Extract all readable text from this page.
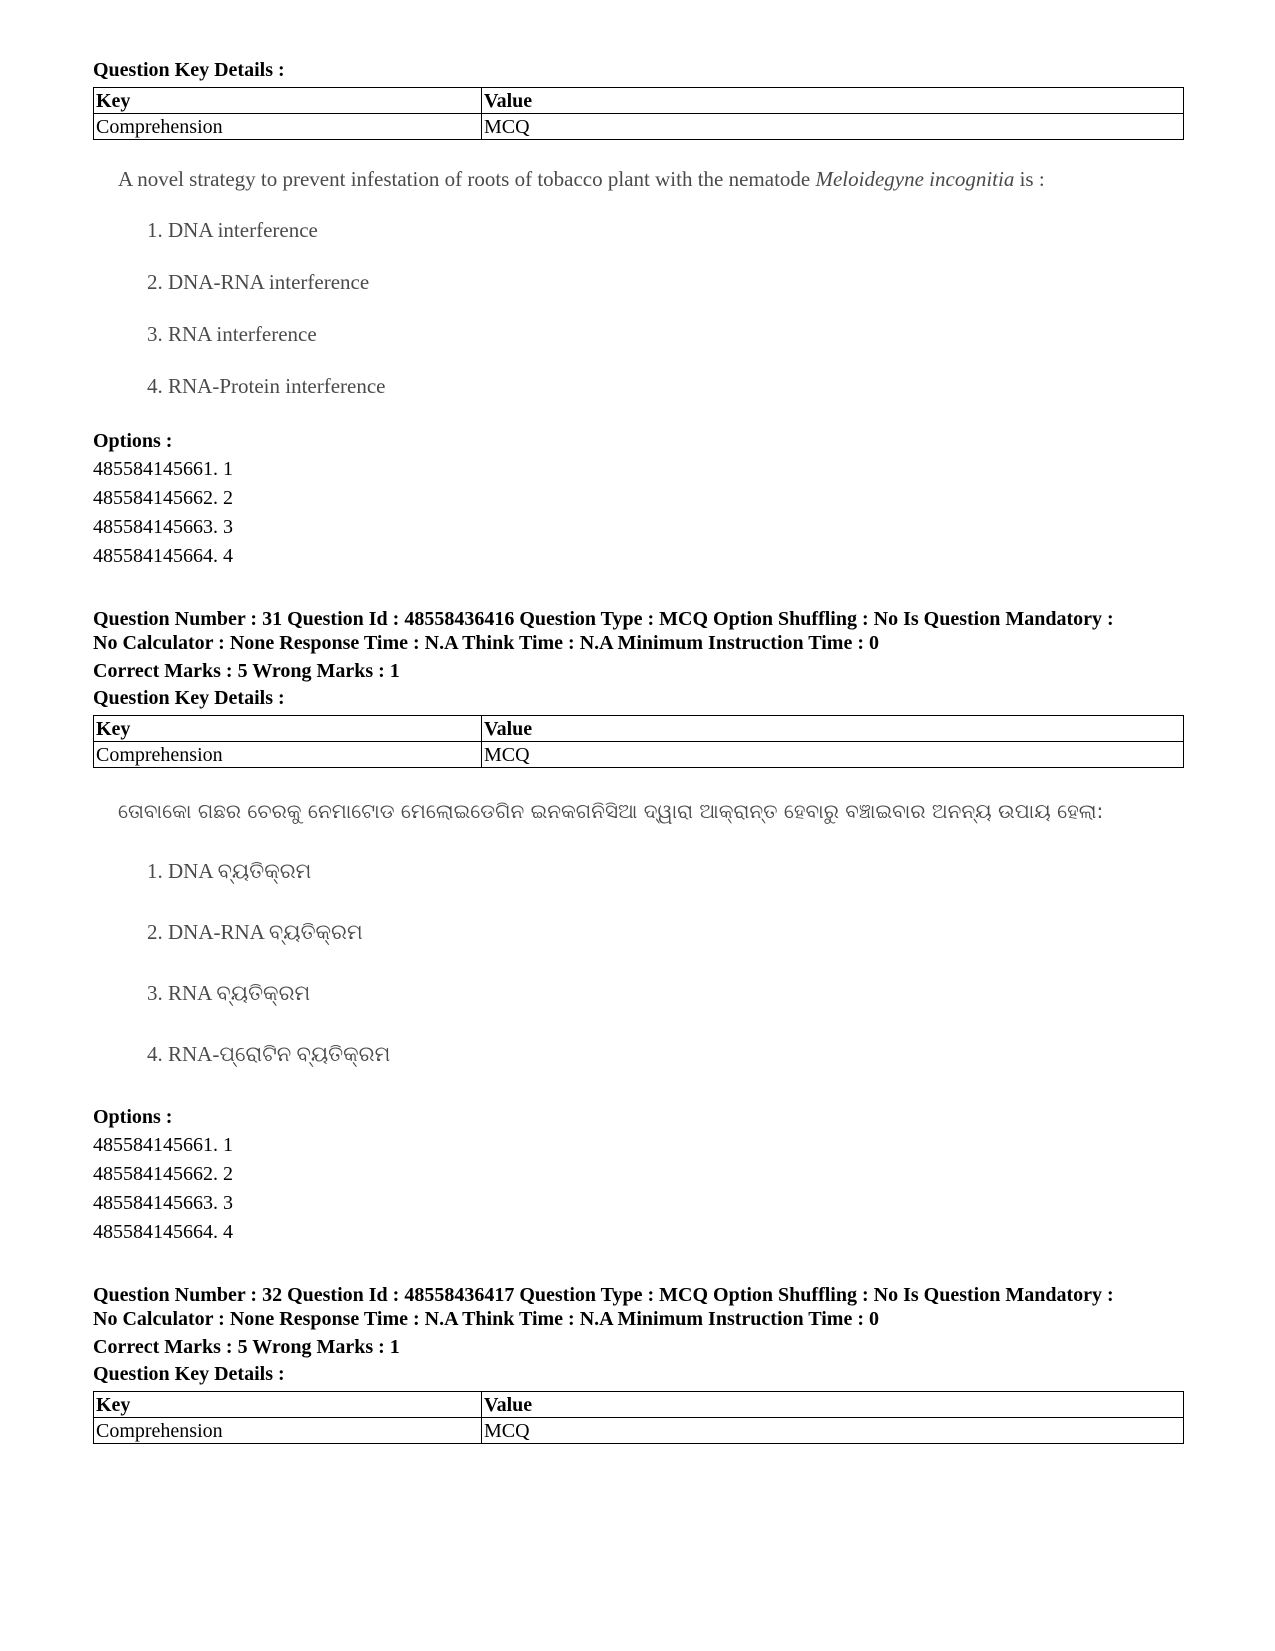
Question Key Details :
Key	Value
Comprehension	MCQ
A novel strategy to prevent infestation of roots of tobacco plant with the nematode Meloidegyne incognitia is :
1. DNA interference
2. DNA-RNA interference
3. RNA interference
4. RNA-Protein interference
Options :
485584145661. 1
485584145662. 2
485584145663. 3
485584145664. 4
Question Number : 31 Question Id : 48558436416 Question Type : MCQ Option Shuffling : No Is Question Mandatory :
No Calculator : None Response Time : N.A Think Time : N.A Minimum Instruction Time : 0
Correct Marks : 5 Wrong Marks : 1
Question Key Details :
Key	Value
Comprehension	MCQ
ତୋବାକୋ ଗଛର ଚେରକୁ ନେମାଟୋଡ ମେଲୋଇଡେଗିନ ଇନକଗନିସିଆ ଦ୍ୱାରା ଆକ୍ରାନ୍ତ ହେବାରୁ ବଞ୍ଚାଇବାର ଅନନ୍ୟ ଉପାୟ ହେଲା:
1. DNA ବ୍ୟତିକ୍ରମ
2. DNA-RNA ବ୍ୟତିକ୍ରମ
3. RNA ବ୍ୟତିକ୍ରମ
4. RNA-ପ୍ରୋଟିନ ବ୍ୟତିକ୍ରମ
Options :
485584145661. 1
485584145662. 2
485584145663. 3
485584145664. 4
Question Number : 32 Question Id : 48558436417 Question Type : MCQ Option Shuffling : No Is Question Mandatory :
No Calculator : None Response Time : N.A Think Time : N.A Minimum Instruction Time : 0
Correct Marks : 5 Wrong Marks : 1
Question Key Details :
Key	Value
Comprehension	MCQ
